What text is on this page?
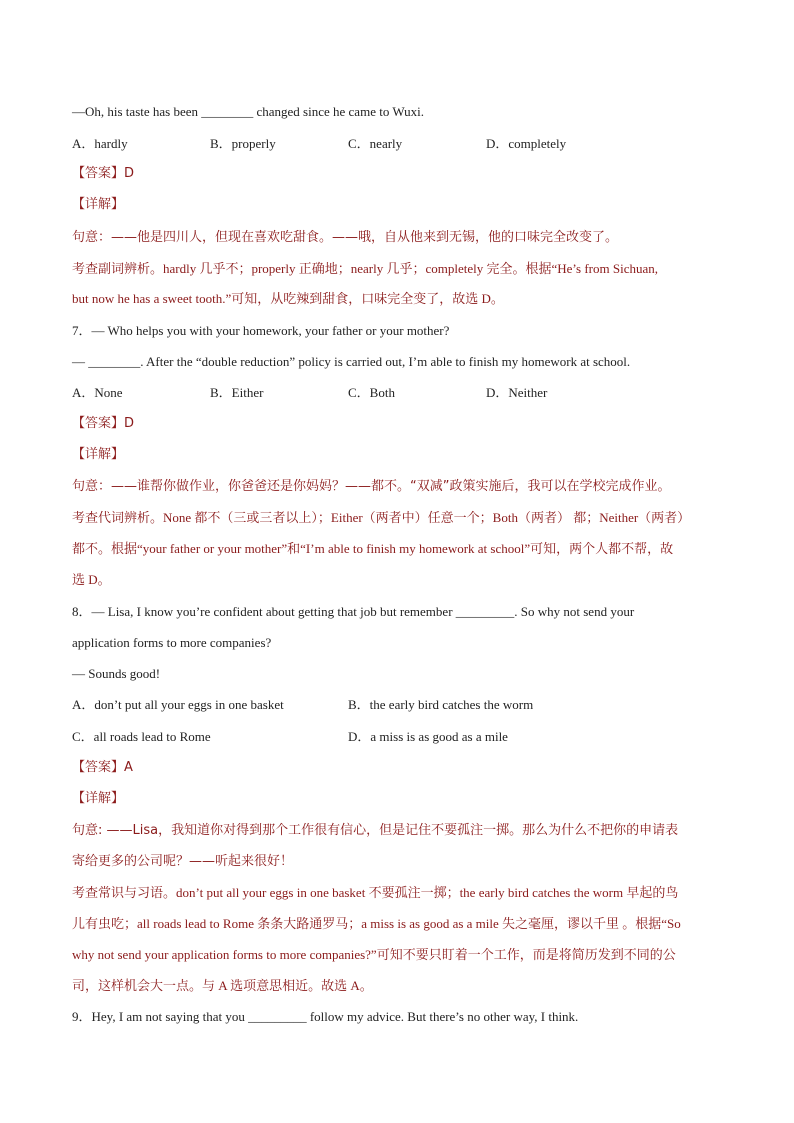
—Oh, his taste has been ________ changed since he came to Wuxi.
A．hardly	B．properly	C．nearly	D．completely
【答案】D
【详解】
句意：——他是四川人，但现在喜欢吃甜食。——哦，自从他来到无锡，他的口味完全改变了。
考查副词辨析。hardly 几乎不；properly 正确地；nearly 几乎；completely 完全。根据“He’s from Sichuan,
but now he has a sweet tooth.”可知，从吃辣到甜食，口味完全变了，故选 D。
7．— Who helps you with your homework, your father or your mother?
— ________. After the “double reduction” policy is carried out, I’m able to finish my homework at school.
A．None	B．Either	C．Both	D．Neither
【答案】D
【详解】
句意：——谁帮你做作业，你爸爸还是你妈妈？——都不。“双减”政策实施后，我可以在学校完成作业。
考查代词辨析。None 都不（三或三者以上）；Either（两者中）任意一个；Both（两者） 都；Neither（两者）
都不。根据“your father or your mother”和“I’m able to finish my homework at school”可知，两个人都不帮，故
选 D。
8．— Lisa, I know you’re confident about getting that job but remember _________. So why not send your
application forms to more companies?
— Sounds good!
A．don’t put all your eggs in one basket	B．the early bird catches the worm
C．all roads lead to Rome	D．a miss is as good as a mile
【答案】A
【详解】
句意: ——Lisa，我知道你对得到那个工作很有信心，但是记住不要孤注一掷。那么为什么不把你的申请表
寄给更多的公司呢？——听起来很好！
考查常识与习语。don’t put all your eggs in one basket 不要孤注一掷；the early bird catches the worm 早起的鸟
儿有虫吃；all roads lead to Rome 条条大路通罗马；a miss is as good as a mile 失之毫厘，谬以千里 。根据“So
why not send your application forms to more companies?”可知不要只盯着一个工作，而是将简历发到不同的公
司，这样机会大一点。与 A 选项意思相近。故选 A。
9．Hey, I am not saying that you _________ follow my advice. But there’s no other way, I think.
